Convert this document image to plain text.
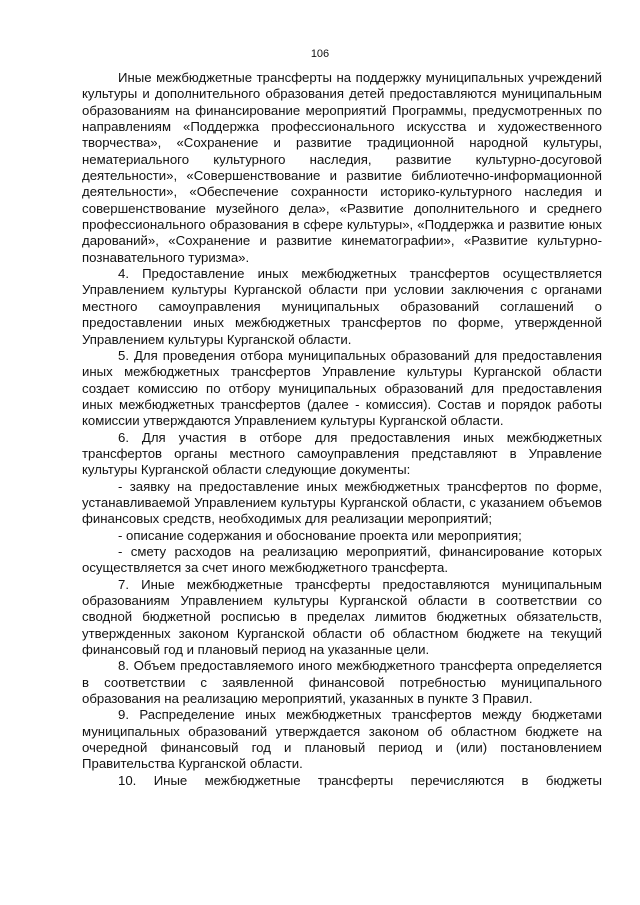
106

Иные межбюджетные трансферты на поддержку муниципальных учреждений культуры и дополнительного образования детей предоставляются муниципальным образованиям на финансирование мероприятий Программы, предусмотренных по направлениям «Поддержка профессионального искусства и художественного творчества», «Сохранение и развитие традиционной народной культуры, нематериального культурного наследия, развитие культурно-досуговой деятельности», «Совершенствование и развитие библиотечно-информационной деятельности», «Обеспечение сохранности историко-культурного наследия и совершенствование музейного дела», «Развитие дополнительного и среднего профессионального образования в сфере культуры», «Поддержка и развитие юных дарований», «Сохранение и развитие кинематографии», «Развитие культурно-познавательного туризма».

4. Предоставление иных межбюджетных трансфертов осуществляется Управлением культуры Курганской области при условии заключения с органами местного самоуправления муниципальных образований соглашений о предоставлении иных межбюджетных трансфертов по форме, утвержденной Управлением культуры Курганской области.

5. Для проведения отбора муниципальных образований для предоставления иных межбюджетных трансфертов Управление культуры Курганской области создает комиссию по отбору муниципальных образований для предоставления иных межбюджетных трансфертов (далее - комиссия). Состав и порядок работы комиссии утверждаются Управлением культуры Курганской области.

6. Для участия в отборе для предоставления иных межбюджетных трансфертов органы местного самоуправления представляют в Управление культуры Курганской области следующие документы:

- заявку на предоставление иных межбюджетных трансфертов по форме, устанавливаемой Управлением культуры Курганской области, с указанием объемов финансовых средств, необходимых для реализации мероприятий;

- описание содержания и обоснование проекта или мероприятия;

- смету расходов на реализацию мероприятий, финансирование которых осуществляется за счет иного межбюджетного трансферта.

7. Иные межбюджетные трансферты предоставляются муниципальным образованиям Управлением культуры Курганской области в соответствии со сводной бюджетной росписью в пределах лимитов бюджетных обязательств, утвержденных законом Курганской области об областном бюджете на текущий финансовый год и плановый период на указанные цели.

8. Объем предоставляемого иного межбюджетного трансферта определяется в соответствии с заявленной финансовой потребностью муниципального образования на реализацию мероприятий, указанных в пункте 3 Правил.

9. Распределение иных межбюджетных трансфертов между бюджетами муниципальных образований утверждается законом об областном бюджете на очередной финансовый год и плановый период и (или) постановлением Правительства Курганской области.

10. Иные межбюджетные трансферты перечисляются в бюджеты
